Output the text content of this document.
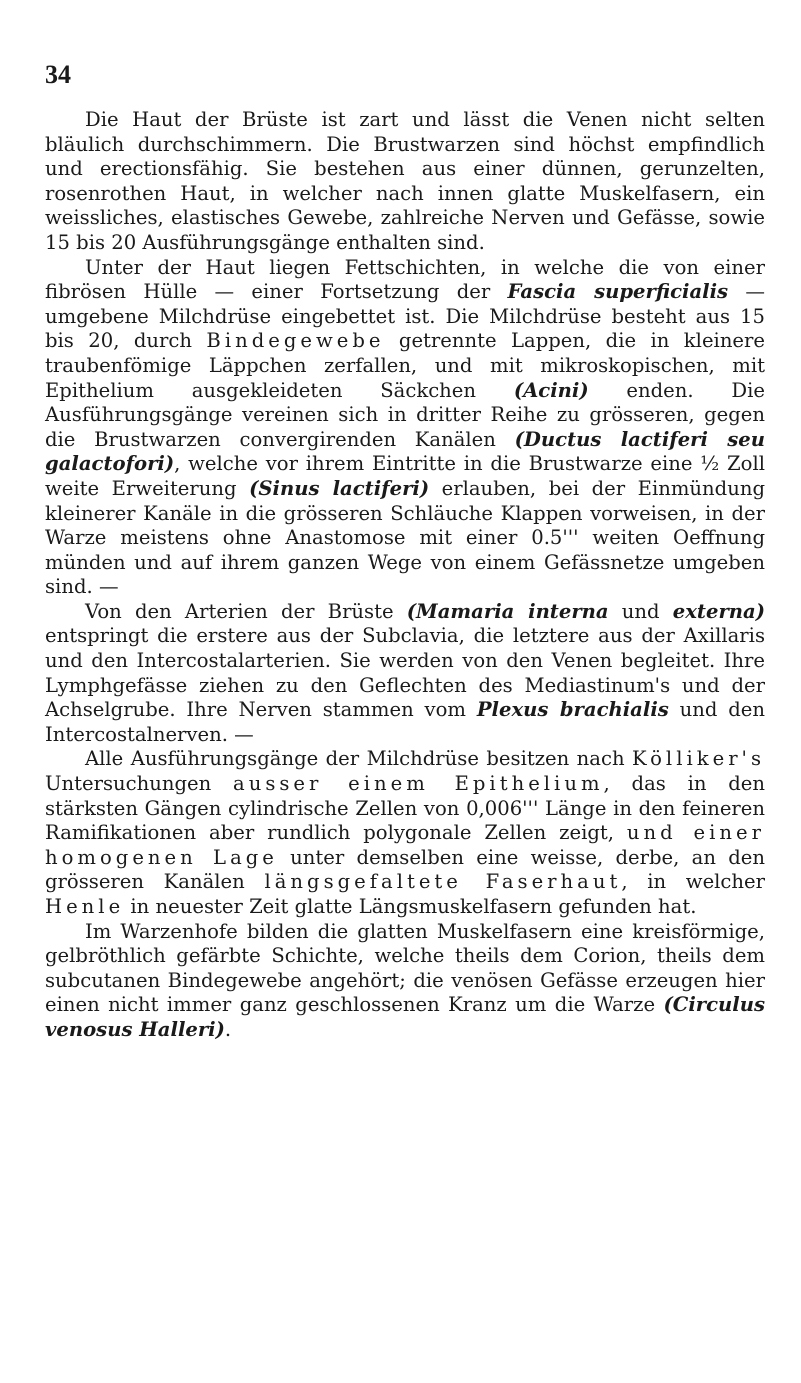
34

Die Haut der Brüste ist zart und lässt die Venen nicht selten bläulich durchschimmern. Die Brustwarzen sind höchst empfindlich und erectionsfähig. Sie bestehen aus einer dünnen, gerunzelten, rosenrothen Haut, in welcher nach innen glatte Muskelfasern, ein weissliches, elastisches Gewebe, zahlreiche Nerven und Gefässe, sowie 15 bis 20 Ausführungsgänge enthalten sind.

Unter der Haut liegen Fettschichten, in welche die von einer fibrösen Hülle — einer Fortsetzung der Fascia superficialis — umgebene Milchdrüse eingebettet ist. Die Milchdrüse besteht aus 15 bis 20, durch Bindegewebe getrennte Lappen, die in kleinere traubenfömige Läppchen zerfallen, und mit mikroskopischen, mit Epithelium ausgekleideten Säckchen (Acini) enden. Die Ausführungsgänge vereinen sich in dritter Reihe zu grösseren, gegen die Brustwarzen convergirenden Kanälen (Ductus lactiferi seu galactofori), welche vor ihrem Eintritte in die Brustwarze eine ½ Zoll weite Erweiterung (Sinus lactiferi) erlauben, bei der Einmündung kleinerer Kanäle in die grösseren Schläuche Klappen vorweisen, in der Warze meistens ohne Anastomose mit einer 0.5''' weiten Oeffnung münden und auf ihrem ganzen Wege von einem Gefässnetze umgeben sind. —

Von den Arterien der Brüste (Mamaria interna und externa) entspringt die erstere aus der Subclavia, die letztere aus der Axillaris und den Intercostalarterien. Sie werden von den Venen begleitet. Ihre Lymphgefässe ziehen zu den Geflechten des Mediastinum's und der Achselgrube. Ihre Nerven stammen vom Plexus brachialis und den Intercostalnerven. —

Alle Ausführungsgänge der Milchdrüse besitzen nach Kölliker's Untersuchungen ausser einem Epithelium, das in den stärksten Gängen cylindrische Zellen von 0,006''' Länge in den feineren Ramifikationen aber rundlich polygonale Zellen zeigt, und einer homogenen Lage unter demselben eine weisse, derbe, an den grösseren Kanälen längsgefaltete Faserhaut, in welcher Henle in neuester Zeit glatte Längsmuskelfasern gefunden hat.

Im Warzenhofe bilden die glatten Muskelfasern eine kreisförmige, gelbröthlich gefärbte Schichte, welche theils dem Corion, theils dem subcutanen Bindegewebe angehört; die venösen Gefässe erzeugen hier einen nicht immer ganz geschlossenen Kranz um die Warze (Circulus venosus Halleri).
